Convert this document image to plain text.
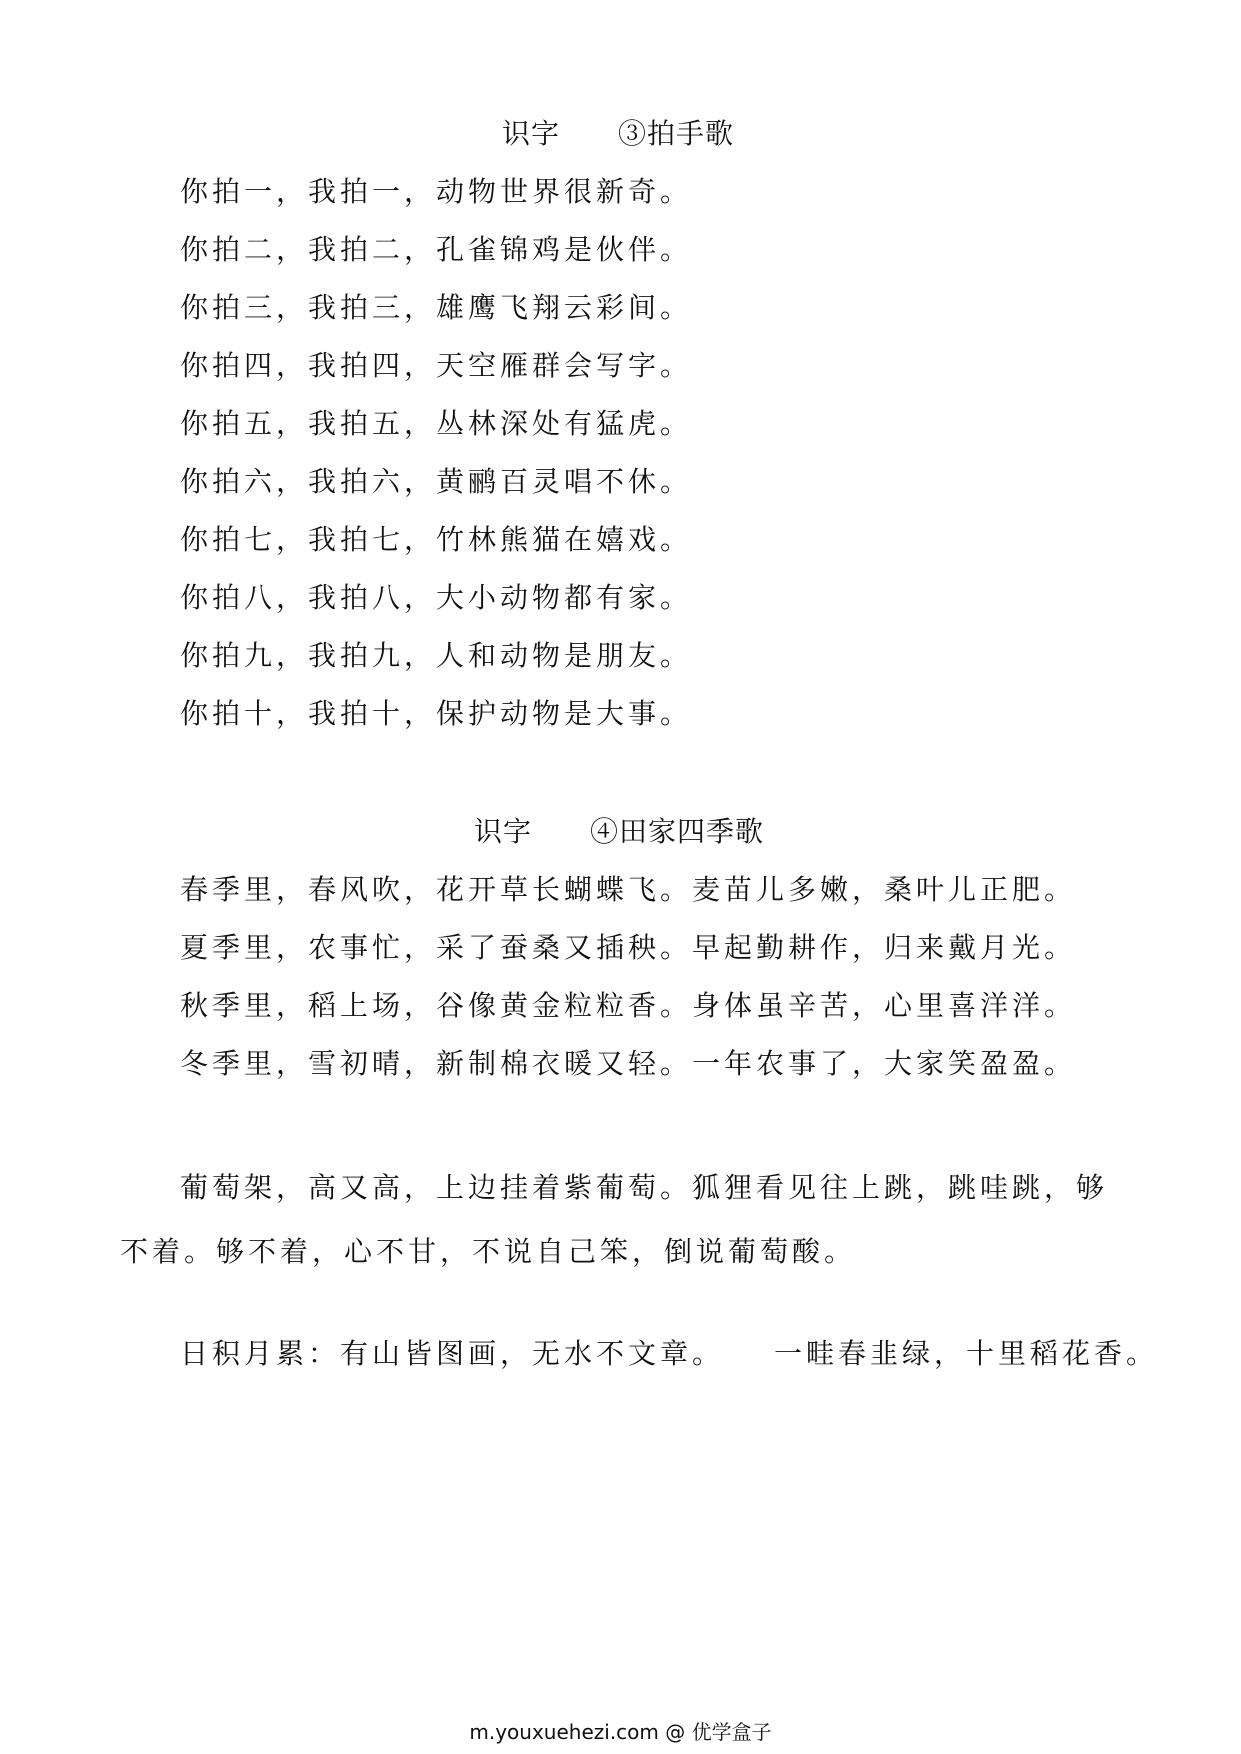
识字　　③拍手歌
你拍一，我拍一，动物世界很新奇。
你拍二，我拍二，孔雀锦鸡是伙伴。
你拍三，我拍三，雄鹰飞翔云彩间。
你拍四，我拍四，天空雁群会写字。
你拍五，我拍五，丛林深处有猛虎。
你拍六，我拍六，黄鹂百灵唱不休。
你拍七，我拍七，竹林熊猫在嬉戏。
你拍八，我拍八，大小动物都有家。
你拍九，我拍九，人和动物是朋友。
你拍十，我拍十，保护动物是大事。
识字　　④田家四季歌
春季里，春风吹，花开草长蝴蝶飞。麦苗儿多嫩，桑叶儿正肥。
夏季里，农事忙，采了蚕桑又插秧。早起勤耕作，归来戴月光。
秋季里，稻上场，谷像黄金粒粒香。身体虽辛苦，心里喜洋洋。
冬季里，雪初晴，新制棉衣暖又轻。一年农事了，大家笑盈盈。

葡萄架，高又高，上边挂着紫葡萄。狐狸看见往上跳，跳哇跳，够不着。够不着，心不甘，不说自己笨，倒说葡萄酸。

日积月累：有山皆图画，无水不文章。　　一畦春韭绿，十里稻花香。
m.youxuehezi.com @ 优学盒子
